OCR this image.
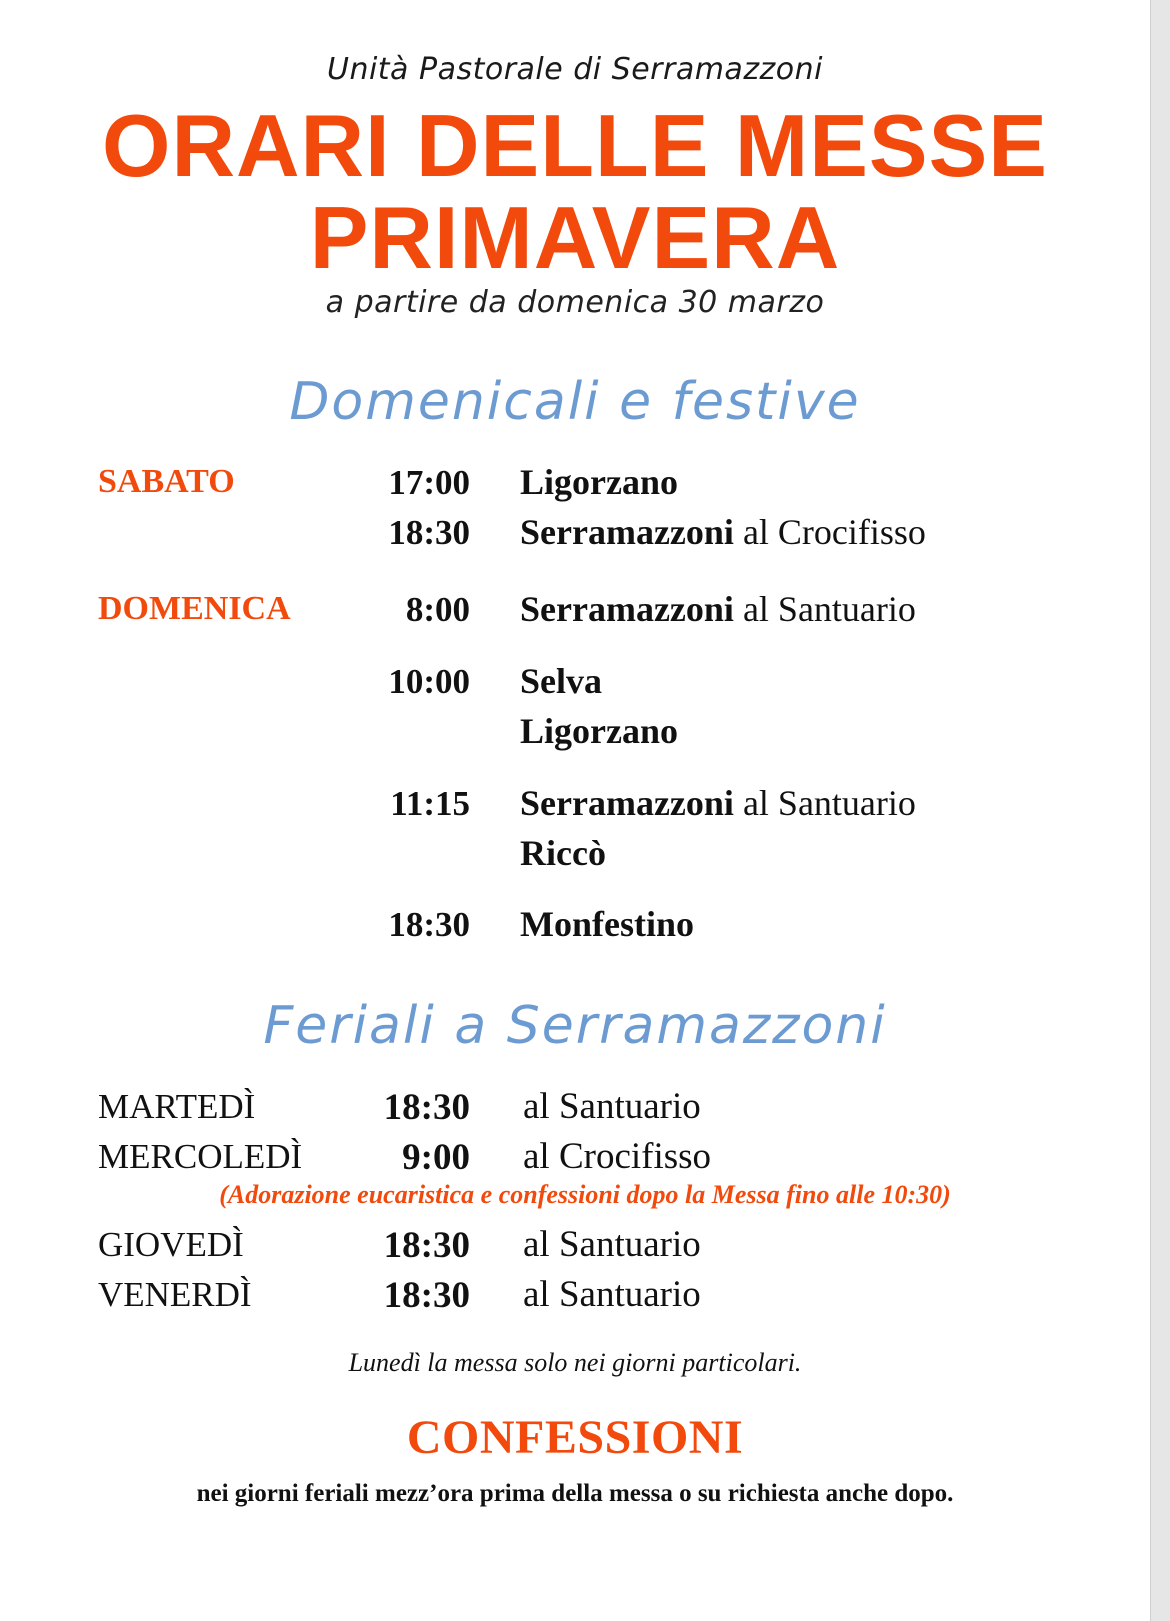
Unità Pastorale di Serramazzoni
ORARI DELLE MESSE
PRIMAVERA
a partire da domenica 30 marzo
Domenicali e festive
SABATO	17:00 Ligorzano
18:30 Serramazzoni al Crocifisso
DOMENICA	8:00 Serramazzoni al Santuario
10:00 Selva
Ligorzano
11:15 Serramazzoni al Santuario
Riccò
18:30 Monfestino
Feriali a Serramazzoni
MARTEDÌ	18:30 al Santuario
MERCOLEDÌ	9:00 al Crocifisso
(Adorazione eucaristica e confessioni dopo la Messa fino alle 10:30)
GIOVEDÌ	18:30 al Santuario
VENERDÌ	18:30 al Santuario
Lunedì la messa solo nei giorni particolari.
CONFESSIONI
nei giorni feriali mezz’ora prima della messa o su richiesta anche dopo.
